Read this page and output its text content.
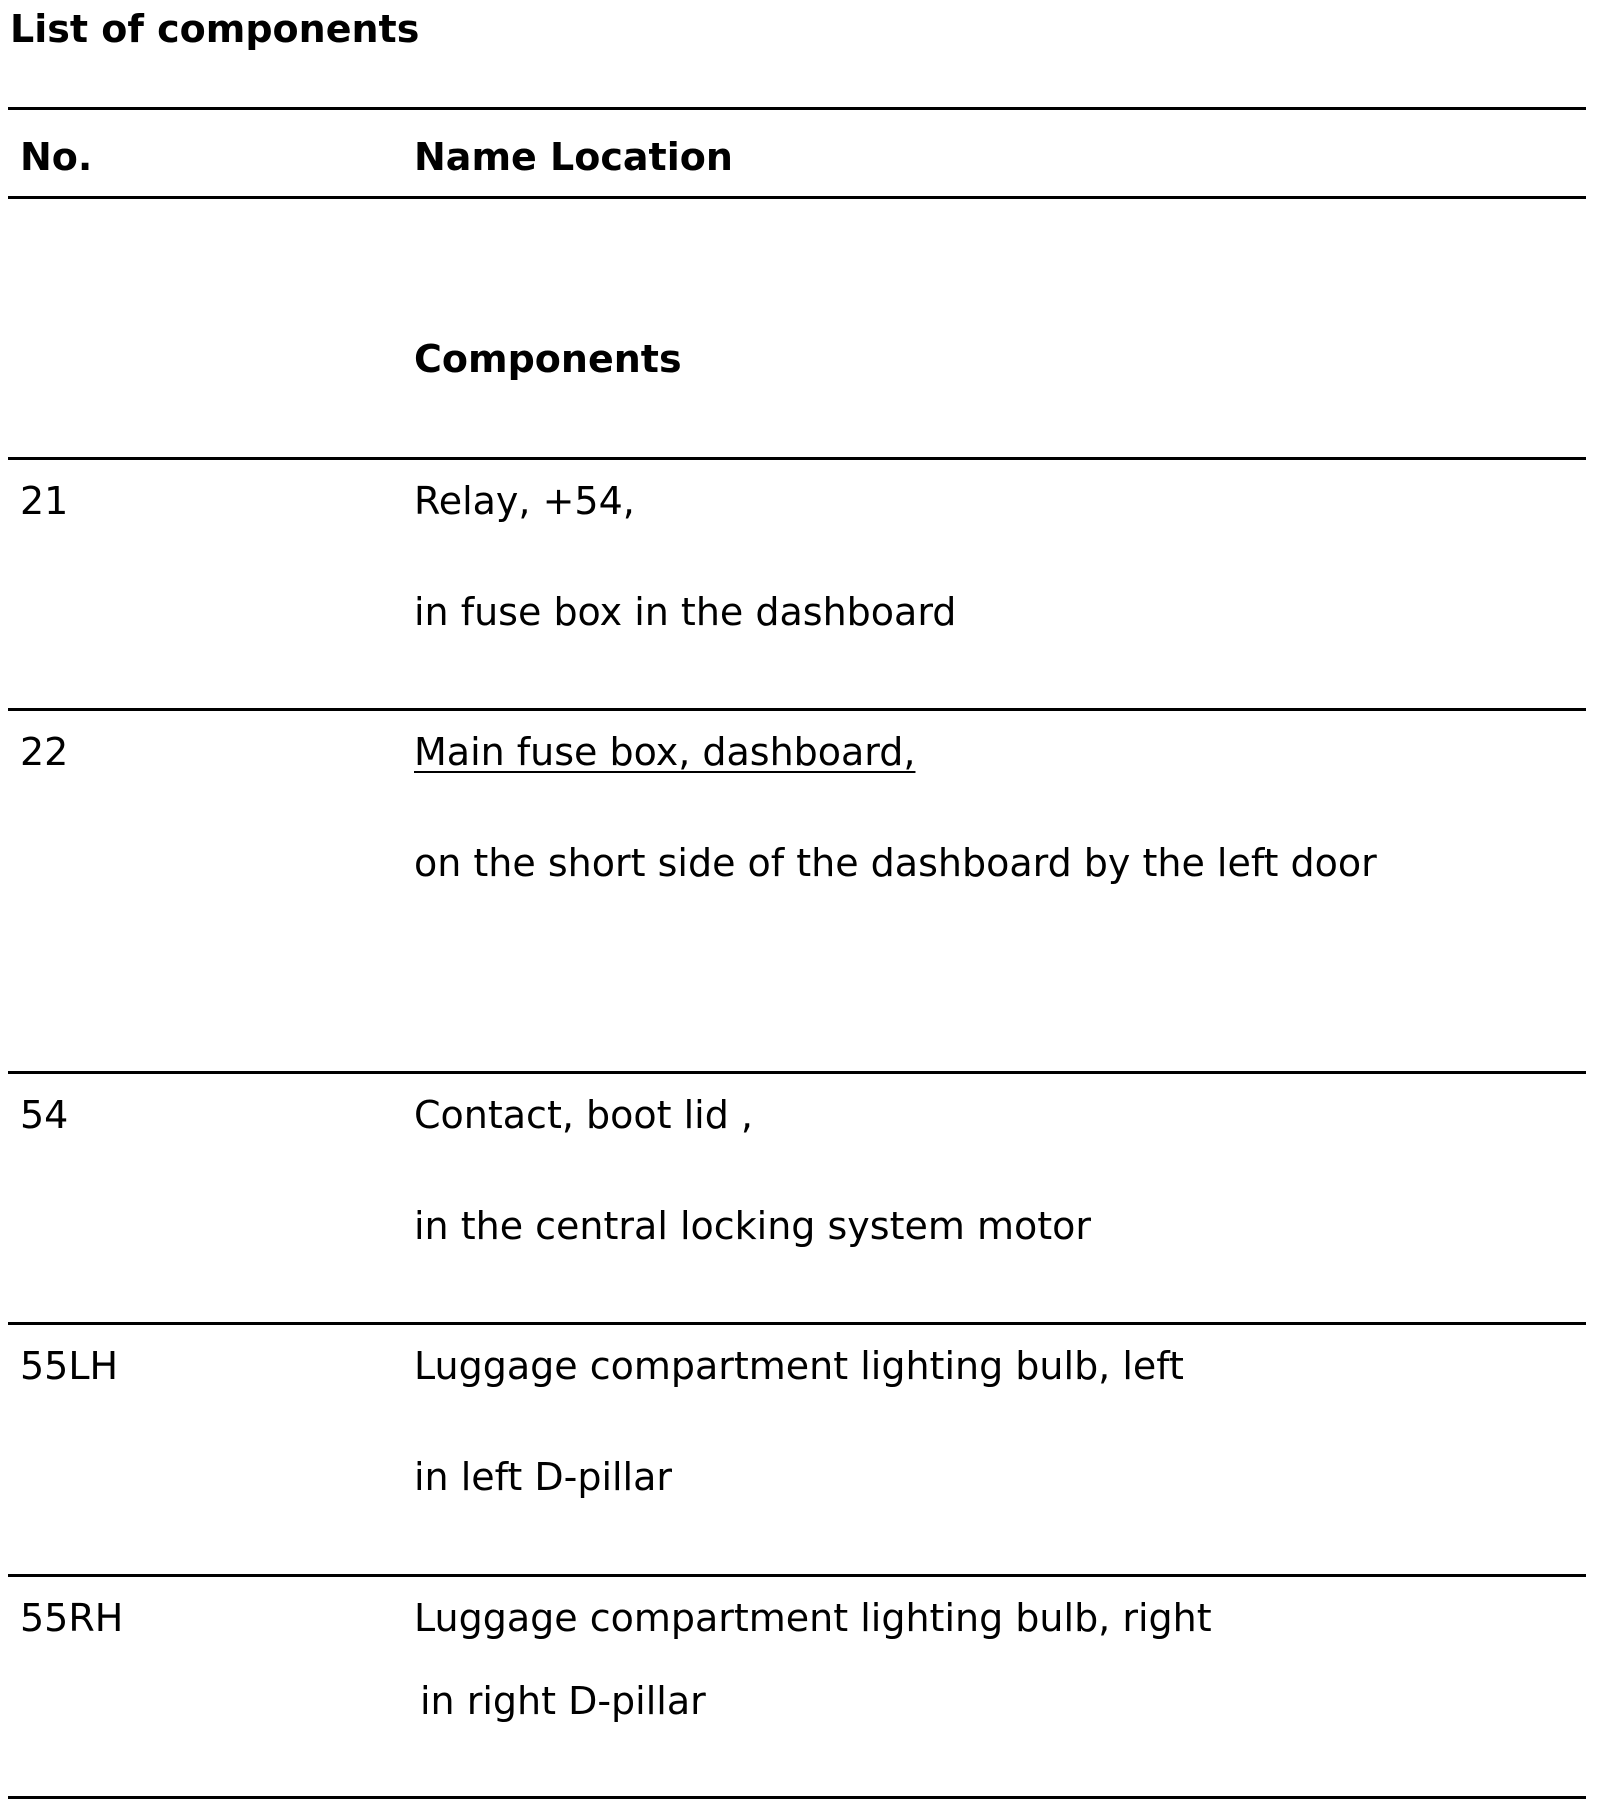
List of components
No.	Name Location
Components
21	Relay, +54,
in fuse box in the dashboard
22	Main fuse box, dashboard,
on the short side of the dashboard by the left door
54	Contact, boot lid ,
in the central locking system motor
55LH	Luggage compartment lighting bulb, left
in left D-pillar
55RH	Luggage compartment lighting bulb, right
in right D-pillar
